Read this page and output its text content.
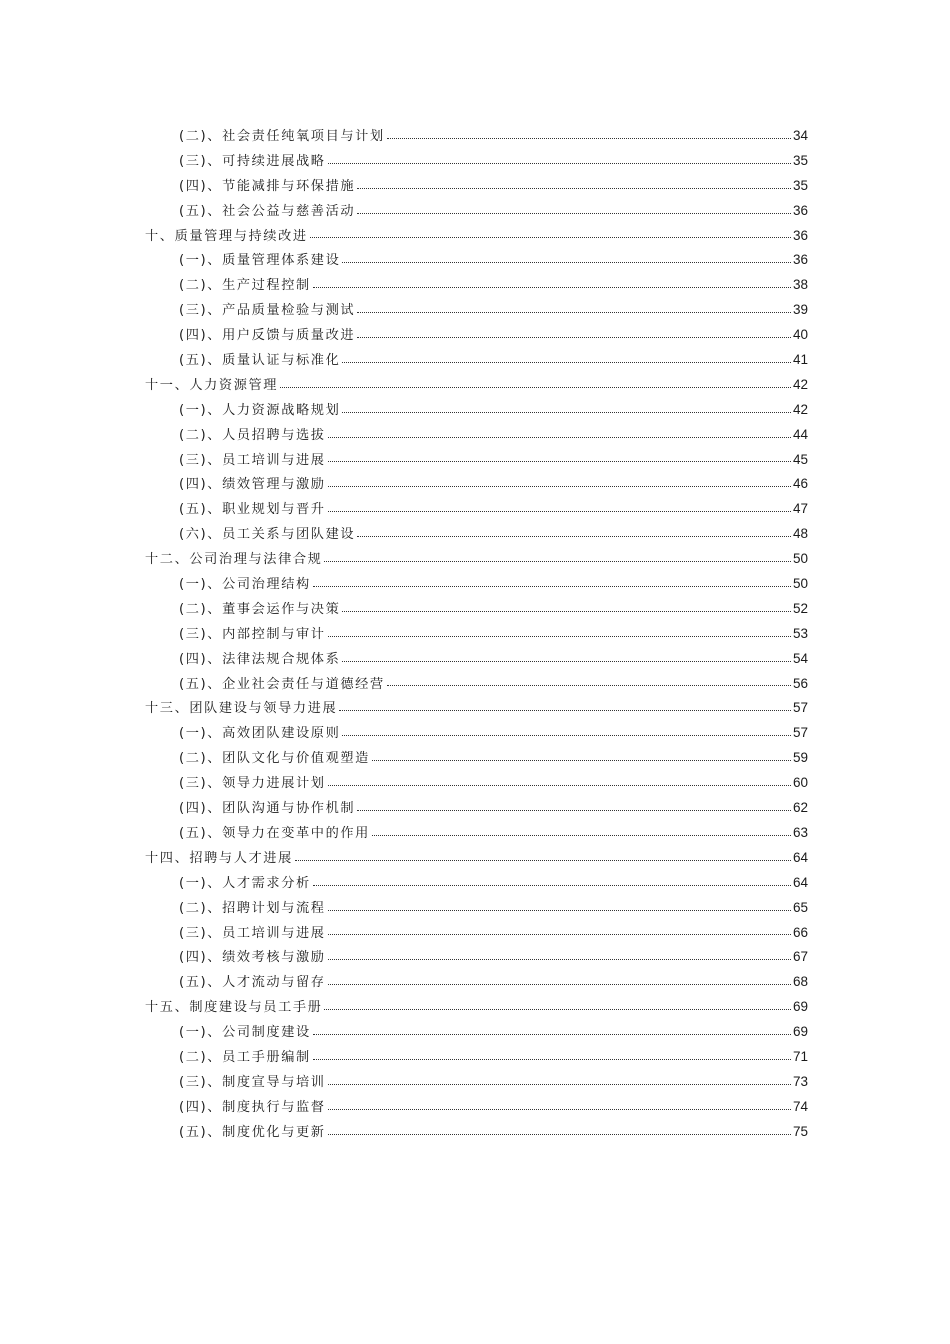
(二)、社会责任纯氧项目与计划	34
(三)、可持续进展战略	35
(四)、节能减排与环保措施	35
(五)、社会公益与慈善活动	36
十、质量管理与持续改进	36
(一)、质量管理体系建设	36
(二)、生产过程控制	38
(三)、产品质量检验与测试	39
(四)、用户反馈与质量改进	40
(五)、质量认证与标准化	41
十一、人力资源管理	42
(一)、人力资源战略规划	42
(二)、人员招聘与选拔	44
(三)、员工培训与进展	45
(四)、绩效管理与激励	46
(五)、职业规划与晋升	47
(六)、员工关系与团队建设	48
十二、公司治理与法律合规	50
(一)、公司治理结构	50
(二)、董事会运作与决策	52
(三)、内部控制与审计	53
(四)、法律法规合规体系	54
(五)、企业社会责任与道德经营	56
十三、团队建设与领导力进展	57
(一)、高效团队建设原则	57
(二)、团队文化与价值观塑造	59
(三)、领导力进展计划	60
(四)、团队沟通与协作机制	62
(五)、领导力在变革中的作用	63
十四、招聘与人才进展	64
(一)、人才需求分析	64
(二)、招聘计划与流程	65
(三)、员工培训与进展	66
(四)、绩效考核与激励	67
(五)、人才流动与留存	68
十五、制度建设与员工手册	69
(一)、公司制度建设	69
(二)、员工手册编制	71
(三)、制度宣导与培训	73
(四)、制度执行与监督	74
(五)、制度优化与更新	75
